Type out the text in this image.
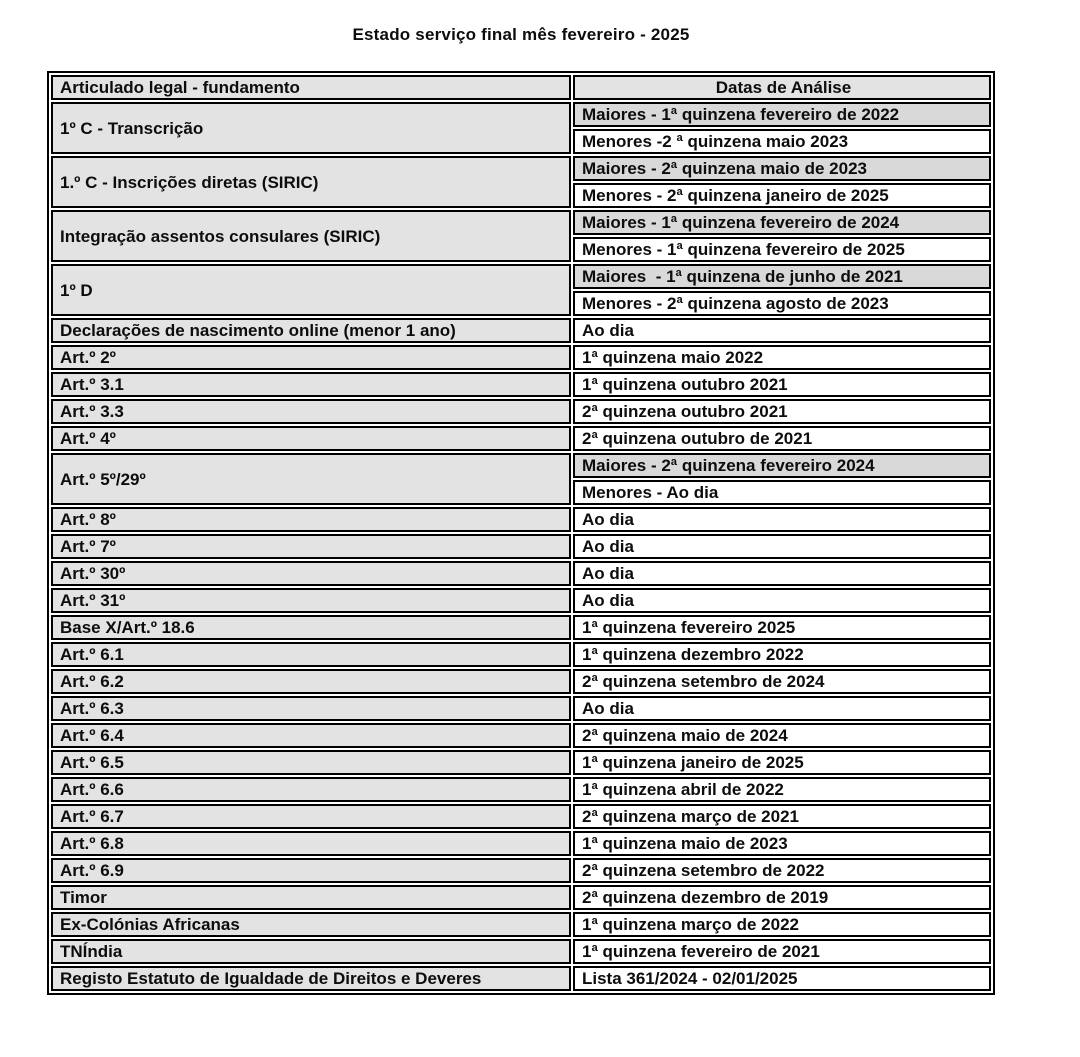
Estado serviço final mês fevereiro - 2025
Articulado legal - fundamento	Datas de Análise
1º C - Transcrição	Maiores - 1ª quinzena fevereiro de 2022
	Menores -2 ª quinzena maio 2023
1.º C - Inscrições diretas (SIRIC)	Maiores - 2ª quinzena maio de 2023
	Menores - 2ª quinzena janeiro de 2025
Integração assentos consulares (SIRIC)	Maiores - 1ª quinzena fevereiro de 2024
	Menores - 1ª quinzena fevereiro de 2025
1º D	Maiores  - 1ª quinzena de junho de 2021
	Menores - 2ª quinzena agosto de 2023
Declarações de nascimento online (menor 1 ano)	Ao dia
Art.º 2º	1ª quinzena maio 2022
Art.º 3.1	1ª quinzena outubro 2021
Art.º 3.3	2ª quinzena outubro 2021
Art.º 4º	2ª quinzena outubro de 2021
Art.º 5º/29º	Maiores - 2ª quinzena fevereiro 2024
	Menores - Ao dia
Art.º 8º	Ao dia
Art.º 7º	Ao dia
Art.º 30º	Ao dia
Art.º 31º	Ao dia
Base X/Art.º 18.6	1ª quinzena fevereiro 2025
Art.º 6.1	1ª quinzena dezembro 2022
Art.º 6.2	2ª quinzena setembro de 2024
Art.º 6.3	Ao dia
Art.º 6.4	2ª quinzena maio de 2024
Art.º 6.5	1ª quinzena janeiro de 2025
Art.º 6.6	1ª quinzena abril de 2022
Art.º 6.7	2ª quinzena março de 2021
Art.º 6.8	1ª quinzena maio de 2023
Art.º 6.9	2ª quinzena setembro de 2022
Timor	2ª quinzena dezembro de 2019
Ex-Colónias Africanas	1ª quinzena março de 2022
TNÍndia	1ª quinzena fevereiro de 2021
Registo Estatuto de Igualdade de Direitos e Deveres	Lista 361/2024 - 02/01/2025
